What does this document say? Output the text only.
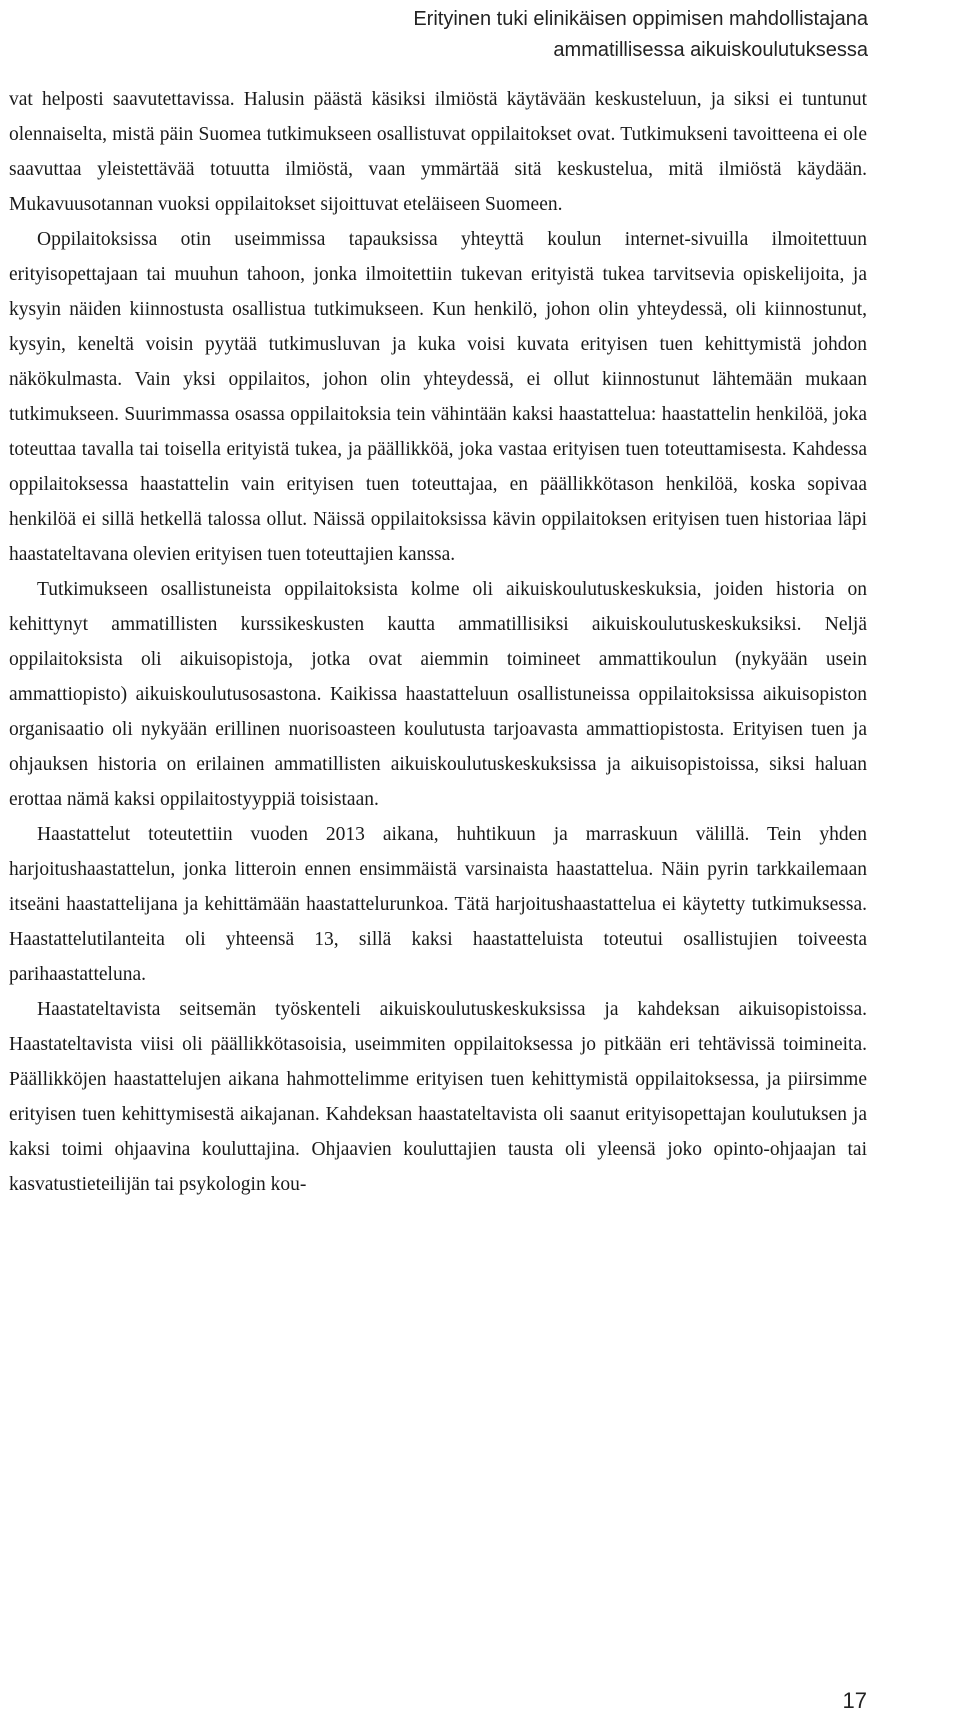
Erityinen tuki elinikäisen oppimisen mahdollistajana
ammatillisessa aikuiskoulutuksessa

vat helposti saavutettavissa. Halusin päästä käsiksi ilmiöstä käytävään keskusteluun, ja siksi ei tuntunut olennaiselta, mistä päin Suomea tutkimukseen osallistuvat oppilaitokset ovat. Tutkimukseni tavoitteena ei ole saavuttaa yleistettävää totuutta ilmiöstä, vaan ymmärtää sitä keskustelua, mitä ilmiöstä käydään. Mukavuusotannan vuoksi oppilaitokset sijoittuvat eteläiseen Suomeen.

Oppilaitoksissa otin useimmissa tapauksissa yhteyttä koulun internet-sivuilla ilmoitettuun erityisopettajaan tai muuhun tahoon, jonka ilmoitettiin tukevan erityistä tukea tarvitsevia opiskelijoita, ja kysyin näiden kiinnostusta osallistua tutkimukseen. Kun henkilö, johon olin yhteydessä, oli kiinnostunut, kysyin, keneltä voisin pyytää tutkimusluvan ja kuka voisi kuvata erityisen tuen kehittymistä johdon näkökulmasta. Vain yksi oppilaitos, johon olin yhteydessä, ei ollut kiinnostunut lähtemään mukaan tutkimukseen. Suurimmassa osassa oppilaitoksia tein vähintään kaksi haastattelua: haastattelin henkilöä, joka toteuttaa tavalla tai toisella erityistä tukea, ja päällikköä, joka vastaa erityisen tuen toteuttamisesta. Kahdessa oppilaitoksessa haastattelin vain erityisen tuen toteuttajaa, en päällikkötason henkilöä, koska sopivaa henkilöä ei sillä hetkellä talossa ollut. Näissä oppilaitoksissa kävin oppilaitoksen erityisen tuen historiaa läpi haastateltavana olevien erityisen tuen toteuttajien kanssa.

Tutkimukseen osallistuneista oppilaitoksista kolme oli aikuiskoulutuskeskuksia, joiden historia on kehittynyt ammatillisten kurssikeskusten kautta ammatillisiksi aikuiskoulutuskeskuksiksi. Neljä oppilaitoksista oli aikuisopistoja, jotka ovat aiemmin toimineet ammattikoulun (nykyään usein ammattiopisto) aikuiskoulutusosastona. Kaikissa haastatteluun osallistuneissa oppilaitoksissa aikuisopiston organisaatio oli nykyään erillinen nuorisoasteen koulutusta tarjoavasta ammattiopistosta. Erityisen tuen ja ohjauksen historia on erilainen ammatillisten aikuiskoulutuskeskuksissa ja aikuisopistoissa, siksi haluan erottaa nämä kaksi oppilaitostyyppiä toisistaan.

Haastattelut toteutettiin vuoden 2013 aikana, huhtikuun ja marraskuun välillä. Tein yhden harjoitushaastattelun, jonka litteroin ennen ensimmäistä varsinaista haastattelua. Näin pyrin tarkkailemaan itseäni haastattelijana ja kehittämään haastattelurunkoa. Tätä harjoitushaastattelua ei käytetty tutkimuksessa. Haastattelutilanteita oli yhteensä 13, sillä kaksi haastatteluista toteutui osallistujien toiveesta parihaastatteluna.

Haastateltavista seitsemän työskenteli aikuiskoulutuskeskuksissa ja kahdeksan aikuisopistoissa. Haastateltavista viisi oli päällikkötasoisia, useimmiten oppilaitoksessa jo pitkään eri tehtävissä toimineita. Päällikköjen haastattelujen aikana hahmottelimme erityisen tuen kehittymistä oppilaitoksessa, ja piirsimme erityisen tuen kehittymisestä aikajanan. Kahdeksan haastateltavista oli saanut erityisopettajan koulutuksen ja kaksi toimi ohjaavina kouluttajina. Ohjaavien kouluttajien tausta oli yleensä joko opinto-ohjaajan tai kasvatustieteilijän tai psykologin kou-

17
